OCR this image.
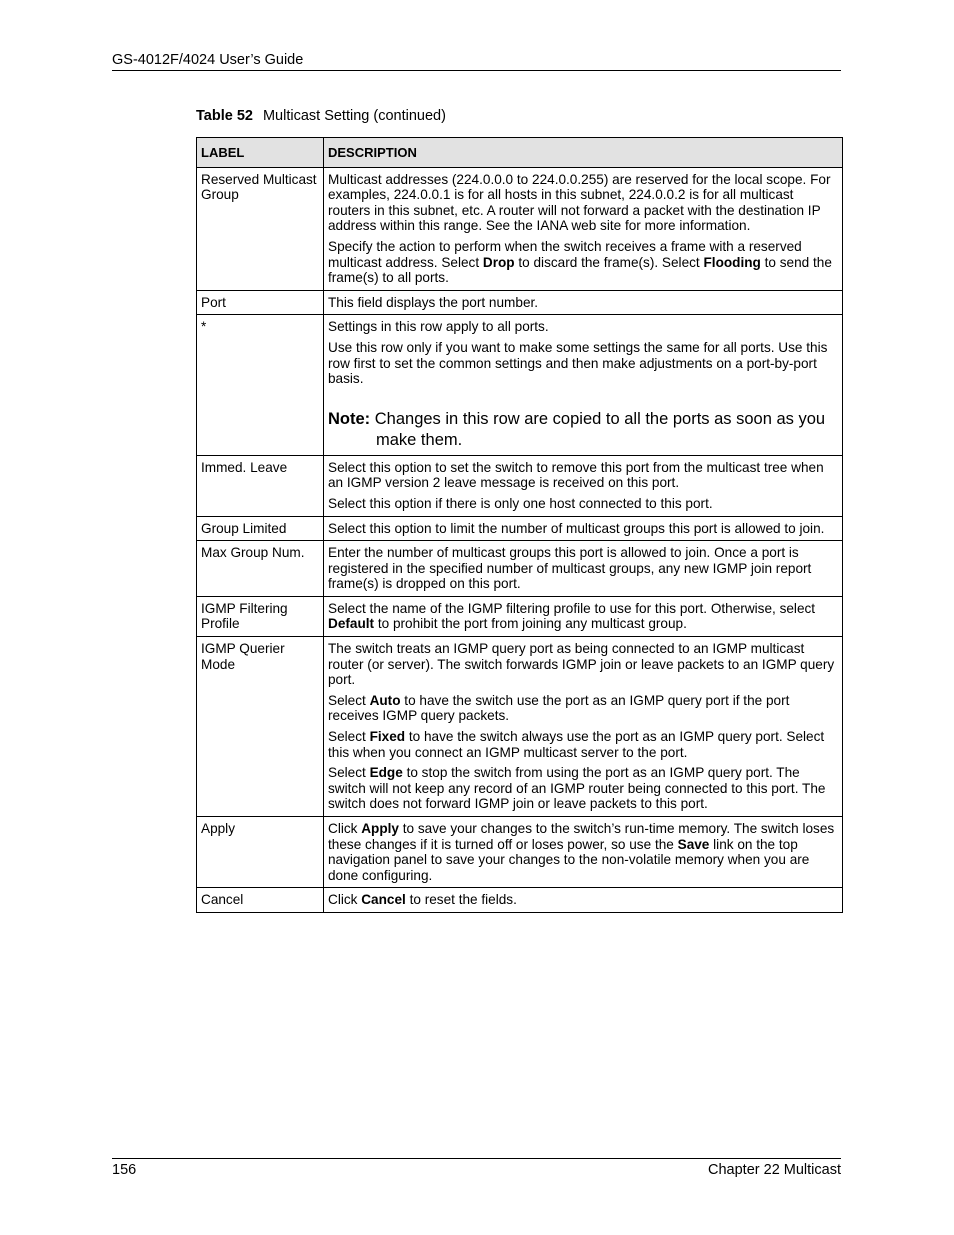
GS-4012F/4024 User’s Guide
Table 52 Multicast Setting (continued)
LABEL	DESCRIPTION
Reserved Multicast Group	Multicast addresses (224.0.0.0 to 224.0.0.255) are reserved for the local scope. For examples, 224.0.0.1 is for all hosts in this subnet, 224.0.0.2 is for all multicast routers in this subnet, etc. A router will not forward a packet with the destination IP address within this range. See the IANA web site for more information.

Specify the action to perform when the switch receives a frame with a reserved multicast address. Select Drop to discard the frame(s). Select Flooding to send the frame(s) to all ports.

Port	This field displays the port number.

*	Settings in this row apply to all ports.

Use this row only if you want to make some settings the same for all ports. Use this row first to set the common settings and then make adjustments on a port-by-port basis.

Note: Changes in this row are copied to all the ports as soon as you make them.

Immed. Leave	Select this option to set the switch to remove this port from the multicast tree when an IGMP version 2 leave message is received on this port.

Select this option if there is only one host connected to this port.

Group Limited	Select this option to limit the number of multicast groups this port is allowed to join.

Max Group Num.	Enter the number of multicast groups this port is allowed to join. Once a port is registered in the specified number of multicast groups, any new IGMP join report frame(s) is dropped on this port.

IGMP Filtering Profile	Select the name of the IGMP filtering profile to use for this port. Otherwise, select Default to prohibit the port from joining any multicast group.

IGMP Querier Mode	The switch treats an IGMP query port as being connected to an IGMP multicast router (or server). The switch forwards IGMP join or leave packets to an IGMP query port.

Select Auto to have the switch use the port as an IGMP query port if the port receives IGMP query packets.

Select Fixed to have the switch always use the port as an IGMP query port. Select this when you connect an IGMP multicast server to the port.

Select Edge to stop the switch from using the port as an IGMP query port. The switch will not keep any record of an IGMP router being connected to this port. The switch does not forward IGMP join or leave packets to this port.

Apply	Click Apply to save your changes to the switch’s run-time memory. The switch loses these changes if it is turned off or loses power, so use the Save link on the top navigation panel to save your changes to the non-volatile memory when you are done configuring.

Cancel	Click Cancel to reset the fields.

156	Chapter 22 Multicast
